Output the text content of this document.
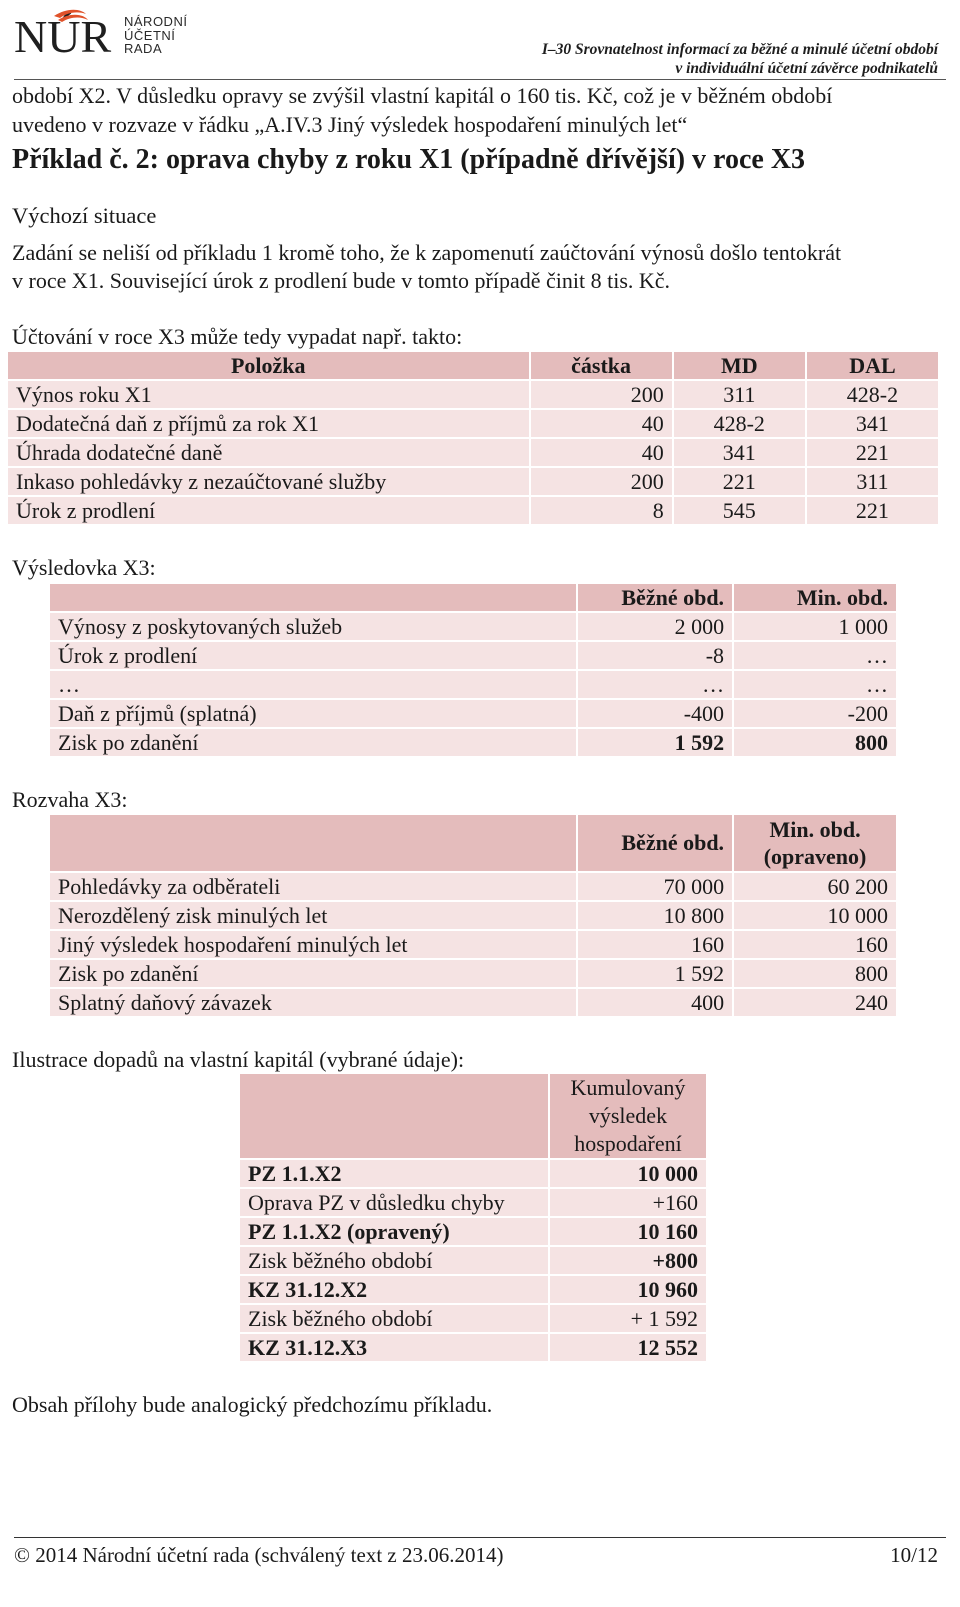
NÚR NÁRODNÍ
ÚČETNÍ
RADA	I–30 Srovnatelnost informací za běžné a minulé účetní období
v individuální účetní závěrce podnikatelů
období X2. V důsledku opravy se zvýšil vlastní kapitál o 160 tis. Kč, což je v běžném období
uvedeno v rozvaze v řádku „A.IV.3 Jiný výsledek hospodaření minulých let“
Příklad č. 2: oprava chyby z roku X1 (případně dřívější) v roce X3
Výchozí situace
Zadání se neliší od příkladu 1 kromě toho, že k zapomenutí zaúčtování výnosů došlo tentokrát
v roce X1. Související úrok z prodlení bude v tomto případě činit 8 tis. Kč.
Účtování v roce X3 může tedy vypadat např. takto:
Položka	částka	MD	DAL
Výnos roku X1	200	311	428-2
Dodatečná daň z příjmů za rok X1	40	428-2	341
Úhrada dodatečné daně	40	341	221
Inkaso pohledávky z nezaúčtované služby	200	221	311
Úrok z prodlení	8	545	221
Výsledovka X3:
	Běžné obd.	Min. obd.
Výnosy z poskytovaných služeb	2 000	1 000
Úrok z prodlení	-8	…
…	…	…
Daň z příjmů (splatná)	-400	-200
Zisk po zdanění	1 592	800
Rozvaha X3:
	Běžné obd.	Min. obd.
(opraveno)

Pohledávky za odběrateli	70 000	60 200
Nerozdělený zisk minulých let	10 800	10 000
Jiný výsledek hospodaření minulých let	160	160
Zisk po zdanění	1 592	800
Splatný daňový závazek	400	240
Ilustrace dopadů na vlastní kapitál (vybrané údaje):

	Kumulovaný
výsledek
hospodaření

PZ 1.1.X2	10 000
Oprava PZ v důsledku chyby	+160
PZ 1.1.X2 (opravený)	10 160
Zisk běžného období	+800
KZ 31.12.X2	10 960
Zisk běžného období	+ 1 592
KZ 31.12.X3	12 552
Obsah přílohy bude analogický předchozímu příkladu.
© 2014 Národní účetní rada (schválený text z 23.06.2014)	10/12
